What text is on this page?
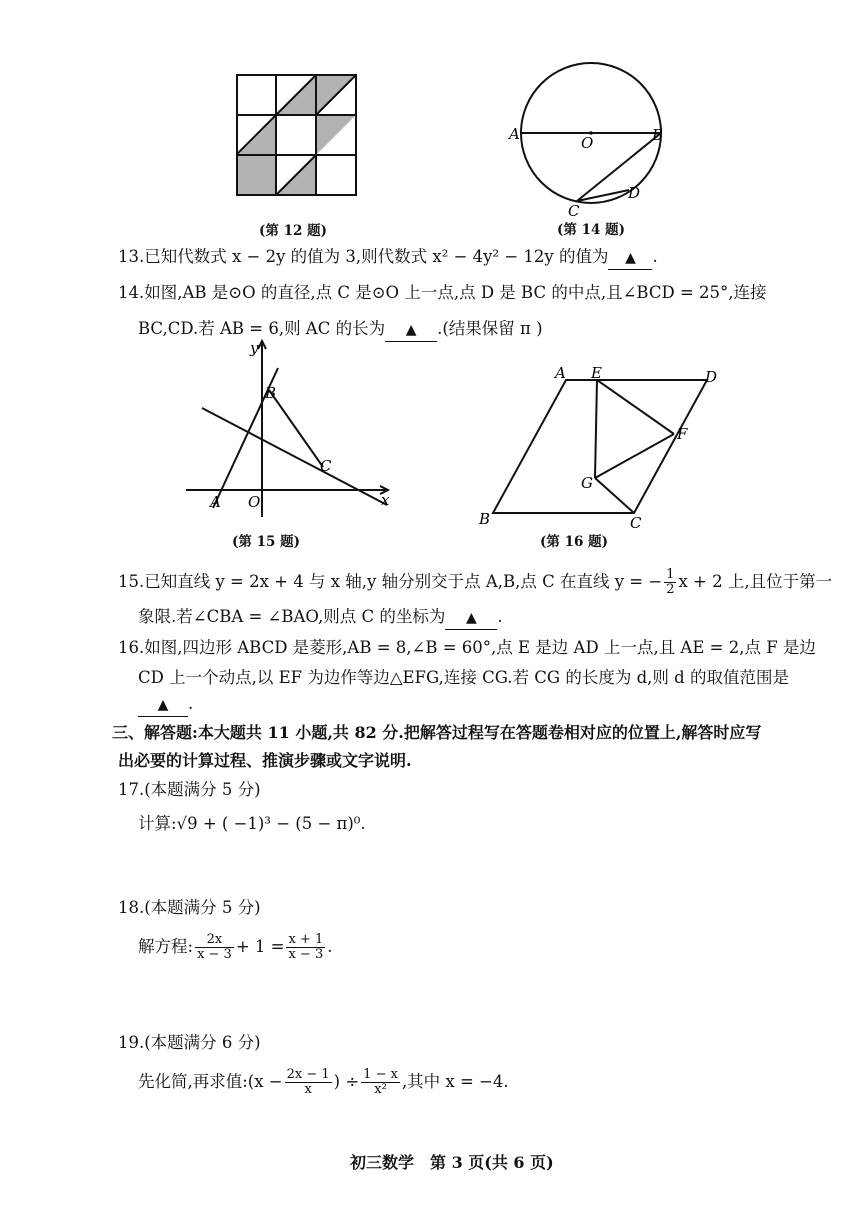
(第 12 题)
A	O	B
D
C
(第 14 题)
13.已知代数式 x − 2y 的值为 3,则代数式 x² − 4y² − 12y 的值为 ▲ .
14.如图,AB 是⊙O 的直径,点 C 是⊙O 上一点,点 D 是 BC 的中点,且∠BCD = 25°,连接
BC,CD.若 AB = 6,则 AC 的长为 ▲ .(结果保留 π )
y
B
C
A O	x
(第 15 题)
A E	D
F
G
B	C
(第 16 题)
15.已知直线 y = 2x + 4 与 x 轴,y 轴分别交于点 A,B,点 C 在直线 y = − $\frac{1}{2}$ x + 2 上,且位于第一
象限.若∠CBA = ∠BAO,则点 C 的坐标为 ▲ .
16.如图,四边形 ABCD 是菱形,AB = 8,∠B = 60°,点 E 是边 AD 上一点,且 AE = 2,点 F 是边
CD 上一个动点,以 EF 为边作等边△EFG,连接 CG.若 CG 的长度为 d,则 d 的取值范围是
▲ .
三、解答题:本大题共 11 小题,共 82 分.把解答过程写在答题卷相对应的位置上,解答时应写
出必要的计算过程、推演步骤或文字说明.
17.(本题满分 5 分)
计算:√9 + ( −1)³ − (5 − π)⁰.
18.(本题满分 5 分)
解方程: $\frac{2x}{x - 3} + 1 = \frac{x + 1}{x - 3}$ .
19.(本题满分 6 分)
先化简,再求值:(x − $\frac{2x - 1}{x}$ ) ÷ $\frac{1 - x}{\text{x²}}$ ,其中 x = −4.
初三数学　第 3 页(共 6 页)
